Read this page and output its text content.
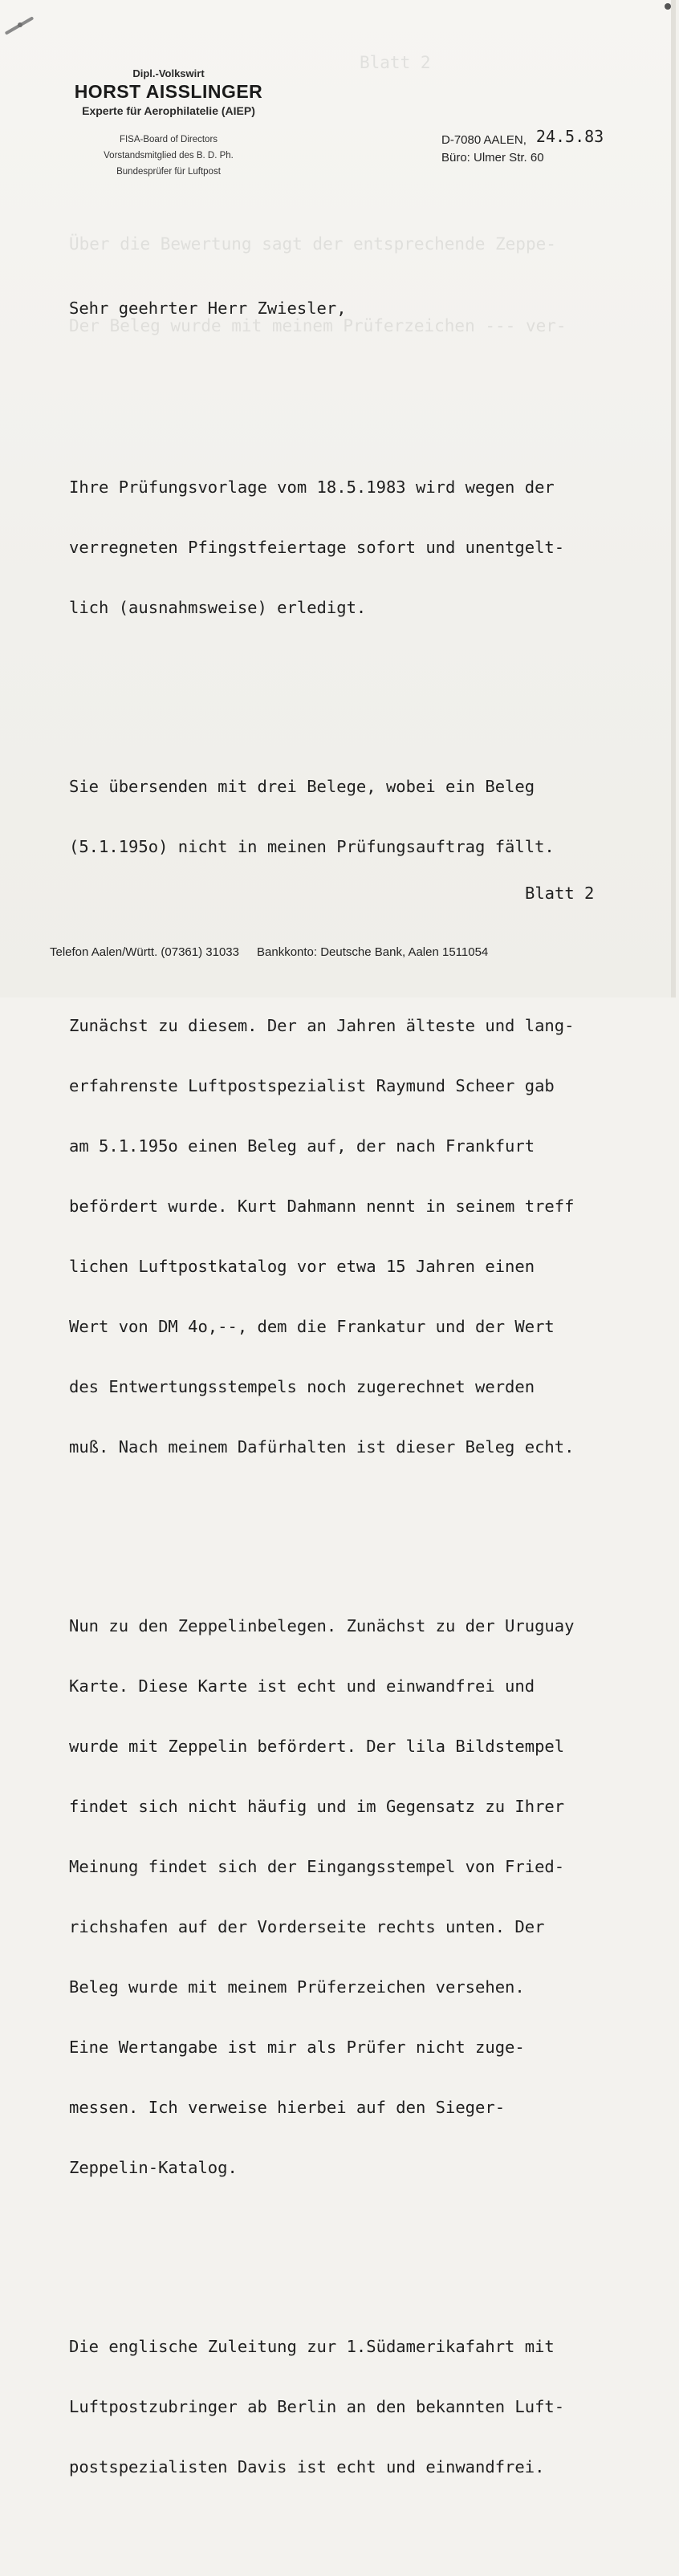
Blatt 2
Über die Bewertung sagt der entsprechende Zeppe-
Der Beleg wurde mit meinem Prüferzeichen --- ver-
Dipl.-Volkswirt
HORST AISSLINGER
Experte für Aerophilatelie (AIEP)
FISA-Board of Directors
Vorstandsmitglied des B. D. Ph.
Bundesprüfer für Luftpost
D-7080 AALEN, 24.5.83
Büro: Ulmer Str. 60

Sehr geehrter Herr Zwiesler,

Ihre Prüfungsvorlage vom 18.5.1983 wird wegen der

verregneten Pfingstfeiertage sofort und unentgelt-

lich (ausnahmsweise) erledigt.

Sie übersenden mit drei Belege, wobei ein Beleg

(5.1.195o) nicht in meinen Prüfungsauftrag fällt.

Zunächst zu diesem. Der an Jahren älteste und lang-

erfahrenste Luftpostspezialist Raymund Scheer gab

am 5.1.195o einen Beleg auf, der nach Frankfurt

befördert wurde. Kurt Dahmann nennt in seinem treff

lichen Luftpostkatalog vor etwa 15 Jahren einen

Wert von DM 4o,--, dem die Frankatur und der Wert

des Entwertungsstempels noch zugerechnet werden

muß. Nach meinem Dafürhalten ist dieser Beleg echt.

Nun zu den Zeppelinbelegen. Zunächst zu der Uruguay

Karte. Diese Karte ist echt und einwandfrei und

wurde mit Zeppelin befördert. Der lila Bildstempel

findet sich nicht häufig und im Gegensatz zu Ihrer

Meinung findet sich der Eingangsstempel von Fried-

richshafen auf der Vorderseite rechts unten. Der

Beleg wurde mit meinem Prüferzeichen versehen.

Eine Wertangabe ist mir als Prüfer nicht zuge-

messen. Ich verweise hierbei auf den Sieger-

Zeppelin-Katalog.

Die englische Zuleitung zur 1.Südamerikafahrt mit

Luftpostzubringer ab Berlin an den bekannten Luft-

postspezialisten Davis ist echt und einwandfrei.

Blatt 2
Telefon Aalen/Württ. (07361) 31033 Bankkonto: Deutsche Bank, Aalen 1511054
